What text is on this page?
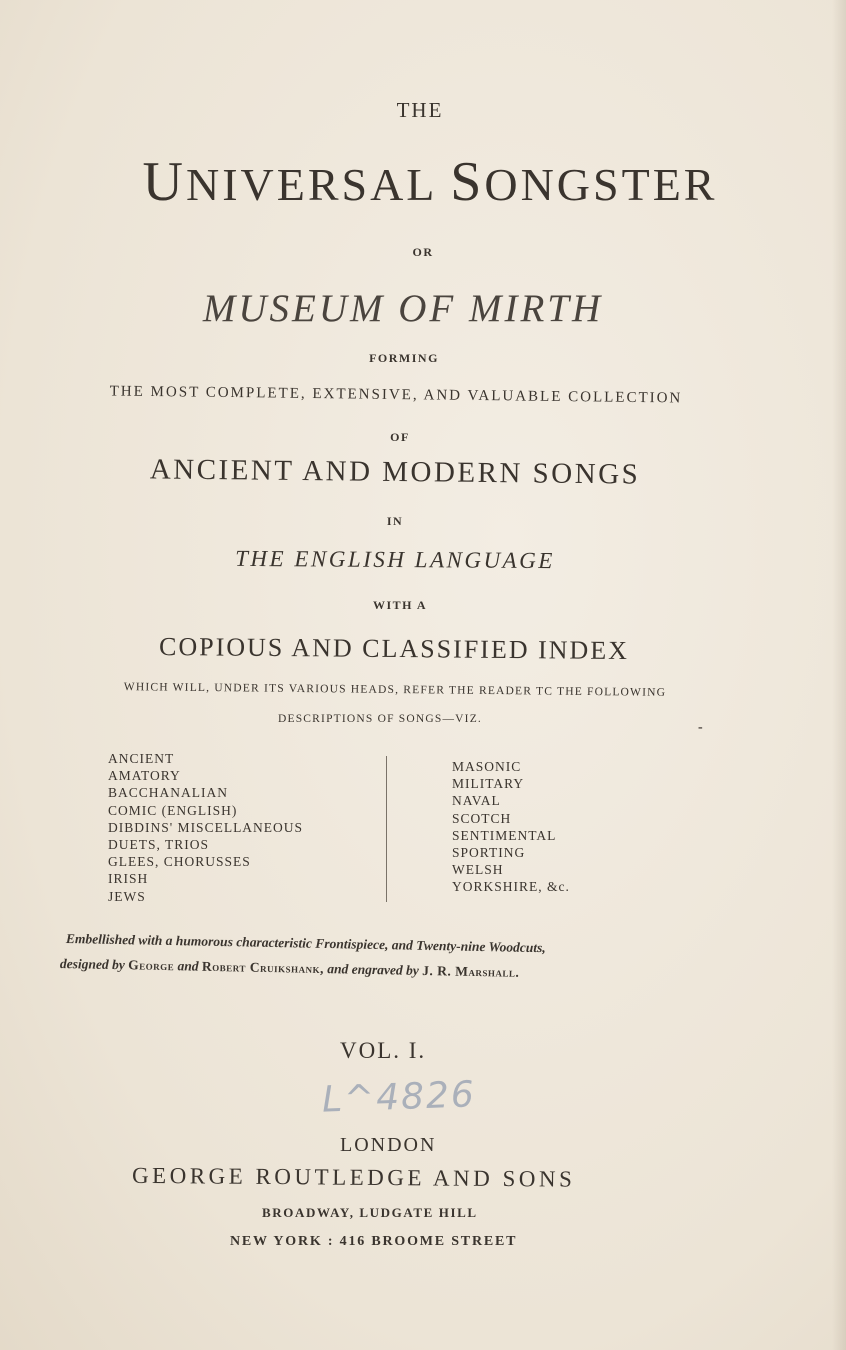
THE
UNIVERSAL SONGSTER
OR
MUSEUM OF MIRTH
FORMING
THE MOST COMPLETE, EXTENSIVE, AND VALUABLE COLLECTION
OF
ANCIENT AND MODERN SONGS
IN
THE ENGLISH LANGUAGE
WITH A
COPIOUS AND CLASSIFIED INDEX
WHICH WILL, UNDER ITS VARIOUS HEADS, REFER THE READER TC THE FOLLOWING
DESCRIPTIONS OF SONGS—VIZ.
-
ANCIENT
AMATORY
BACCHANALIAN
COMIC (ENGLISH)
DIBDINS' MISCELLANEOUS
DUETS, TRIOS
GLEES, CHORUSSES
IRISH
JEWS
MASONIC
MILITARY
NAVAL
SCOTCH
SENTIMENTAL
SPORTING
WELSH
YORKSHIRE, &c.
Embellished with a humorous characteristic Frontispiece, and Twenty-nine Woodcuts,
designed by George and Robert Cruikshank, and engraved by J. R. Marshall.
VOL. I.
L^4826
LONDON
GEORGE ROUTLEDGE AND SONS
BROADWAY, LUDGATE HILL
NEW YORK : 416 BROOME STREET
